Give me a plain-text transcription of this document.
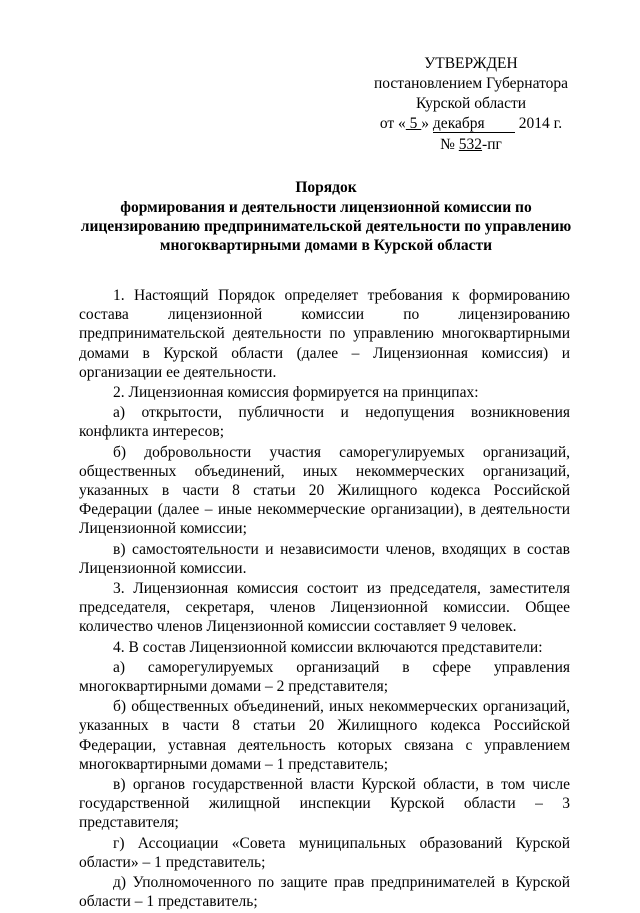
УТВЕРЖДЕН
постановлением Губернатора
Курской области
от « 5 » декабря 2014 г.
№ 532-пг
Порядок
формирования и деятельности лицензионной комиссии по лицензированию предпринимательской деятельности по управлению многоквартирными домами в Курской области

1. Настоящий Порядок определяет требования к формированию состава лицензионной комиссии по лицензированию предпринимательской деятельности по управлению многоквартирными домами в Курской области (далее – Лицензионная комиссия) и организации ее деятельности.

2. Лицензионная комиссия формируется на принципах:

а) открытости, публичности и недопущения возникновения конфликта интересов;

б) добровольности участия саморегулируемых организаций, общественных объединений, иных некоммерческих организаций, указанных в части 8 статьи 20 Жилищного кодекса Российской Федерации (далее – иные некоммерческие организации), в деятельности Лицензионной комиссии;

в) самостоятельности и независимости членов, входящих в состав Лицензионной комиссии.

3. Лицензионная комиссия состоит из председателя, заместителя председателя, секретаря, членов Лицензионной комиссии. Общее количество членов Лицензионной комиссии составляет 9 человек.

4. В состав Лицензионной комиссии включаются представители:

а) саморегулируемых организаций в сфере управления многоквартирными домами – 2 представителя;

б) общественных объединений, иных некоммерческих организаций, указанных в части 8 статьи 20 Жилищного кодекса Российской Федерации, уставная деятельность которых связана с управлением многоквартирными домами – 1 представитель;

в) органов государственной власти Курской области, в том числе государственной жилищной инспекции Курской области – 3 представителя;

г) Ассоциации «Совета муниципальных образований Курской области» – 1 представитель;

д) Уполномоченного по защите прав предпринимателей в Курской области – 1 представитель;
